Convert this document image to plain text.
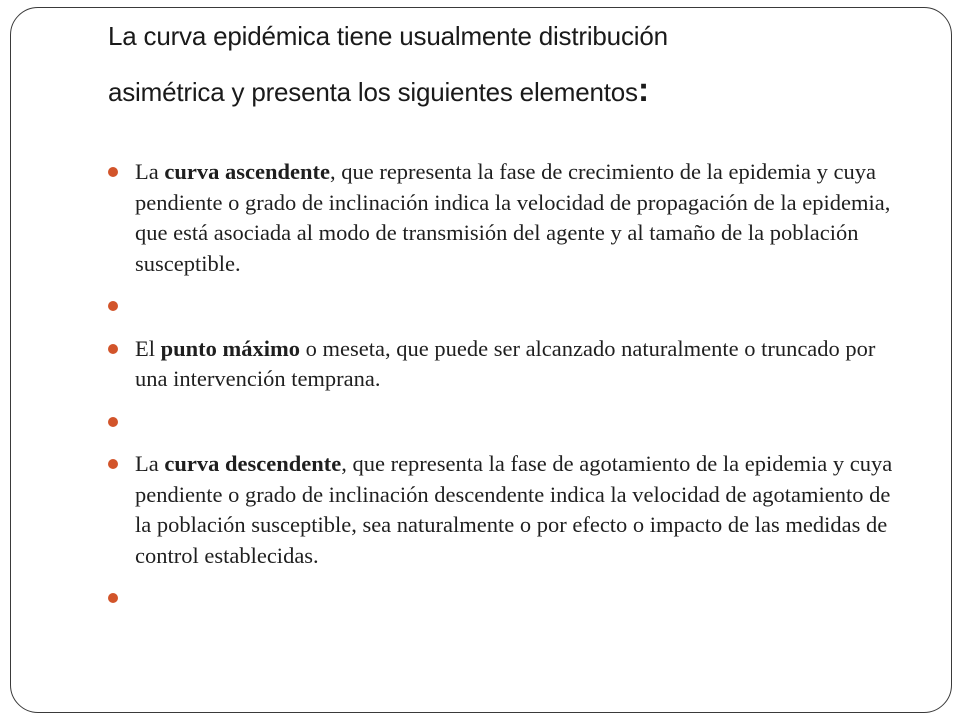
La curva epidémica tiene usualmente distribución
asimétrica y presenta los siguientes elementos:
La curva ascendente, que representa la fase de crecimiento de la epidemia y cuya pendiente o grado de inclinación indica la velocidad de propagación de la epidemia, que está asociada al modo de transmisión del agente y al tamaño de la población susceptible.
El punto máximo o meseta, que puede ser alcanzado naturalmente o truncado por una intervención temprana.
La curva descendente, que representa la fase de agotamiento de la epidemia y cuya pendiente o grado de inclinación descendente indica la velocidad de agotamiento de la población susceptible, sea naturalmente o por efecto o impacto de las medidas de control establecidas.
